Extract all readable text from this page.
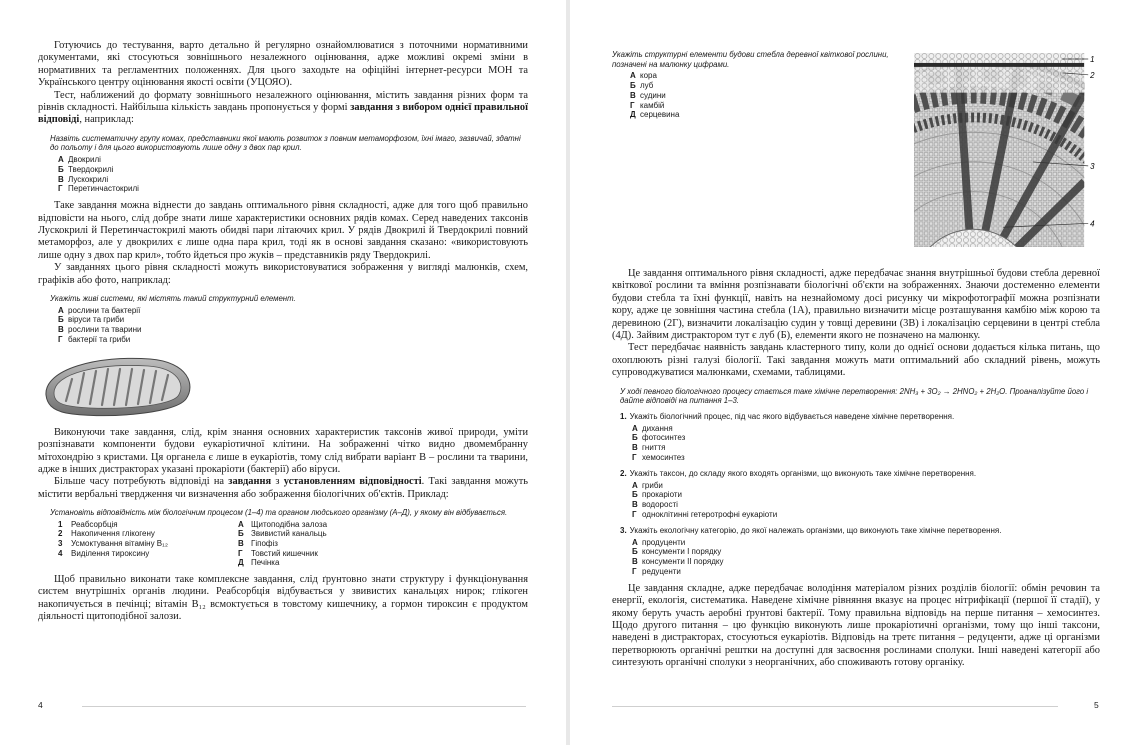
Готуючись до тестування, варто детально й регулярно ознайомлюватися з поточними нормативними документами, які стосуються зовнішнього незалежного оцінювання, адже можливі окремі зміни в нормативних та регламентних положеннях. Для цього заходьте на офіційні інтернет-ресурси МОН та Українського центру оцінювання якості освіти (УЦОЯО).

Тест, наближений до формату зовнішнього незалежного оцінювання, містить завдання різних форм та рівнів складності. Найбільша кількість завдань пропонується у формі завдання з вибором однієї правильної відповіді, наприклад:

Назвіть систематичну групу комах, представники якої мають розвиток з повним метаморфозом, їхні імаго, зазвичай, здатні до польоту і для цього використовують лише одну з двох пар крил.
А Двокрилі
Б Твердокрилі
В Лускокрилі
Г Перетинчастокрилі

Таке завдання можна віднести до завдань оптимального рівня складності, адже для того щоб правильно відповісти на нього, слід добре знати лише характеристики основних рядів комах. Серед наведених таксонів Лускокрилі й Перетинчастокрилі мають обидві пари літаючих крил. У рядів Двокрилі й Твердокрилі повний метаморфоз, але у двокрилих є лише одна пара крил, тоді як в основі завдання сказано: «використовують лише одну з двох пар крил», тобто йдеться про жуків – представників ряду Твердокрилі.

У завданнях цього рівня складності можуть використовуватися зображення у вигляді малюнків, схем, графіків або фото, наприклад:

Укажіть живі системи, які містять такий структурний елемент.
А рослини та бактерії
Б віруси та гриби
В рослини та тварини
Г бактерії та гриби

Виконуючи таке завдання, слід, крім знання основних характеристик таксонів живої природи, уміти розпізнавати компоненти будови еукаріотичної клітини. На зображенні чітко видно двомембранну мітохондрію з кристами. Ця органела є лише в еукаріотів, тому слід вибрати варіант В – рослини та тварини, адже в інших дистракторах указані прокаріоти (бактерії) або віруси.

Більше часу потребують відповіді на завдання з установленням відповідності. Такі завдання можуть містити вербальні твердження чи визначення або зображення біологічних об'єктів. Приклад:

Установіть відповідність між біологічним процесом (1–4) та органом людського організму (А–Д), у якому він відбувається.
1 Реабсорбція
2 Накопичення глікогену
3 Усмоктування вітаміну B₁₂
4 Виділення тироксину
А Щитоподібна залоза
Б Звивистий канальць
В Гіпофіз
Г Товстий кишечник
Д Печінка

Щоб правильно виконати таке комплексне завдання, слід ґрунтовно знати структуру і функціонування систем внутрішніх органів людини. Реабсорбція відбувається у звивистих канальцях нирок; глікоген накопичується в печінці; вітамін B₁₂ всмоктується в товстому кишечнику, а гормон тироксин є продуктом діяльності щитоподібної залози.

4
Укажіть структурні елементи будови стебла деревної квіткової рослини, позначені на малюнку цифрами.
А кора
Б луб
В судини
Г камбій
Д серцевина
1
2
3
4

Це завдання оптимального рівня складності, адже передбачає знання внутрішньої будови стебла деревної квіткової рослини та вміння розпізнавати біологічні об'єкти на зображеннях. Знаючи достеменно елементи будови стебла та їхні функції, навіть на незнайомому досі рисунку чи мікрофотографії можна розпізнати кору, адже це зовнішня частина стебла (1А), правильно визначити місце розташування камбію між корою та деревиною (2Г), визначити локалізацію судин у товщі деревини (3В) і локалізацію серцевини в центрі стебла (4Д). Зайвим дистрактором тут є луб (Б), елементи якого не позначено на малюнку.

Тест передбачає наявність завдань кластерного типу, коли до однієї основи додається кілька питань, що охоплюють різні галузі біології. Такі завдання можуть мати оптимальний або складний рівень, можуть супроводжуватися малюнками, схемами, таблицями.

У ході певного біологічного процесу стається таке хімічне перетворення: 2NH₃ + 3O₂ → 2HNO₂ + 2H₂O. Проаналізуйте його і дайте відповіді на питання 1–3.
1. Укажіть біологічний процес, під час якого відбувається наведене хімічне перетворення.
А дихання
Б фотосинтез
В гниття
Г хемосинтез
2. Укажіть таксон, до складу якого входять організми, що виконують таке хімічне перетворення.
А гриби
Б прокаріоти
В водорості
Г одноклітинні гетеротрофні еукаріоти
3. Укажіть екологічну категорію, до якої належать організми, що виконують таке хімічне перетворення.
А продуценти
Б консументи I порядку
В консументи II порядку
Г редуценти

Це завдання складне, адже передбачає володіння матеріалом різних розділів біології: обмін речовин та енергії, екологія, систематика. Наведене хімічне рівняння вказує на процес нітрифікації (першої її стадії), у якому беруть участь аеробні ґрунтові бактерії. Тому правильна відповідь на перше питання – хемосинтез. Щодо другого питання – цю функцію виконують лише прокаріотичні організми, тому що інші таксони, наведені в дистракторах, стосуються еукаріотів. Відповідь на третє питання – редуценти, адже ці організми перетворюють органічні рештки на доступні для засвоєння рослинами сполуки. Інші наведені категорії або синтезують органічні сполуки з неорганічних, або споживають готову органіку.

5
